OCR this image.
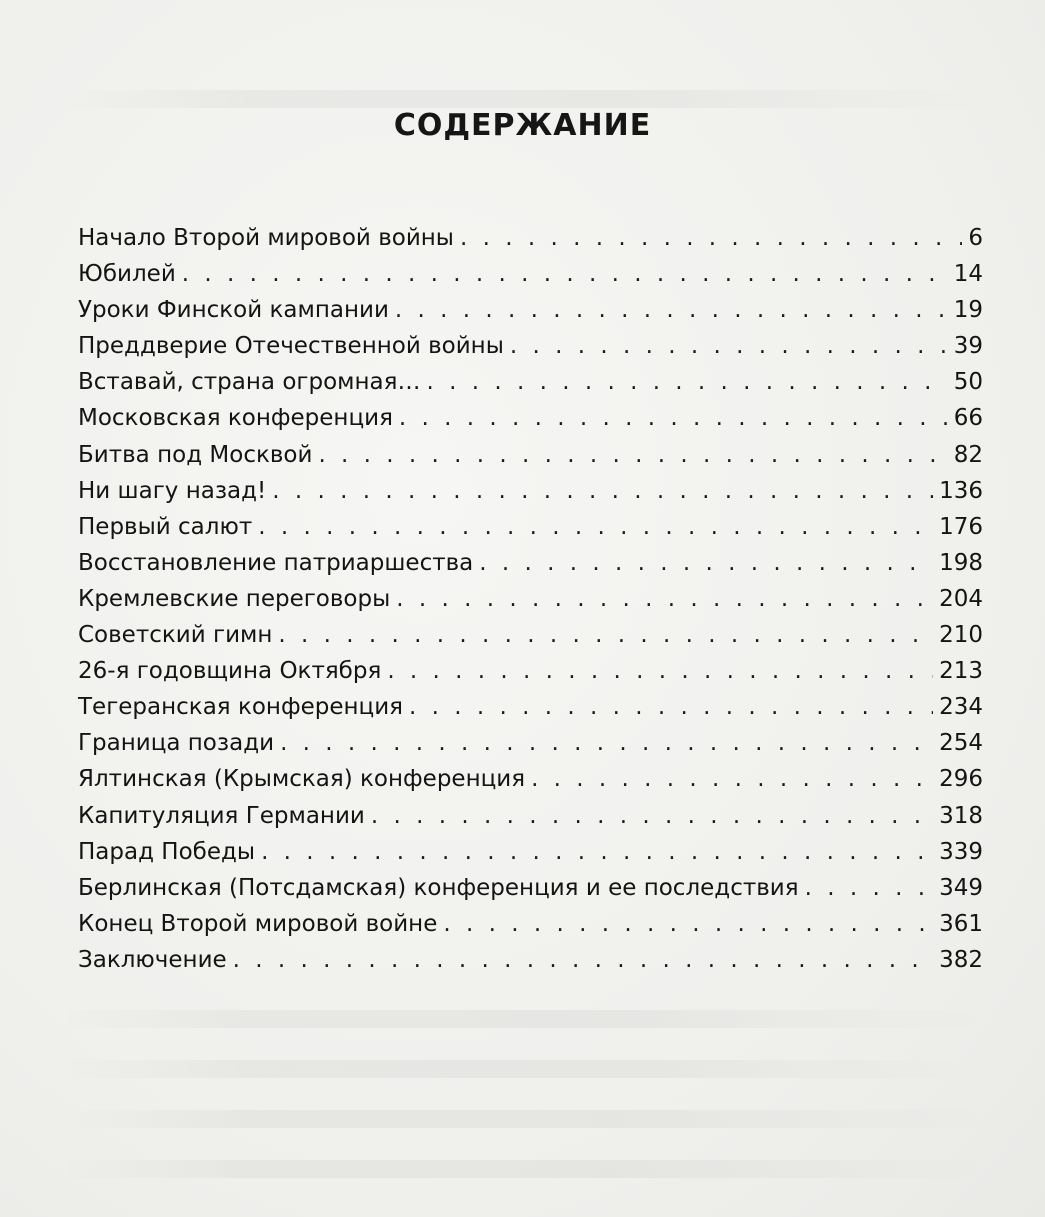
СОДЕРЖАНИЕ
Начало Второй мировой войны . . .	6
Юбилей . . .	14
Уроки Финской кампании . . .	19
Преддверие Отечественной войны . . .	39
Вставай, страна огромная… . . .	50
Московская конференция . . .	66
Битва под Москвой . . .	82
Ни шагу назад! . . .	136
Первый салют . . .	176
Восстановление патриаршества . . .	198
Кремлевские переговоры . . .	204
Советский гимн . . .	210
26-я годовщина Октября . . .	213
Тегеранская конференция . . .	234
Граница позади . . .	254
Ялтинская (Крымская) конференция . . .	296
Капитуляция Германии . . .	318
Парад Победы . . .	339
Берлинская (Потсдамская) конференция и ее последствия . . .	349
Конец Второй мировой войне . . .	361
Заключение . . .	382
